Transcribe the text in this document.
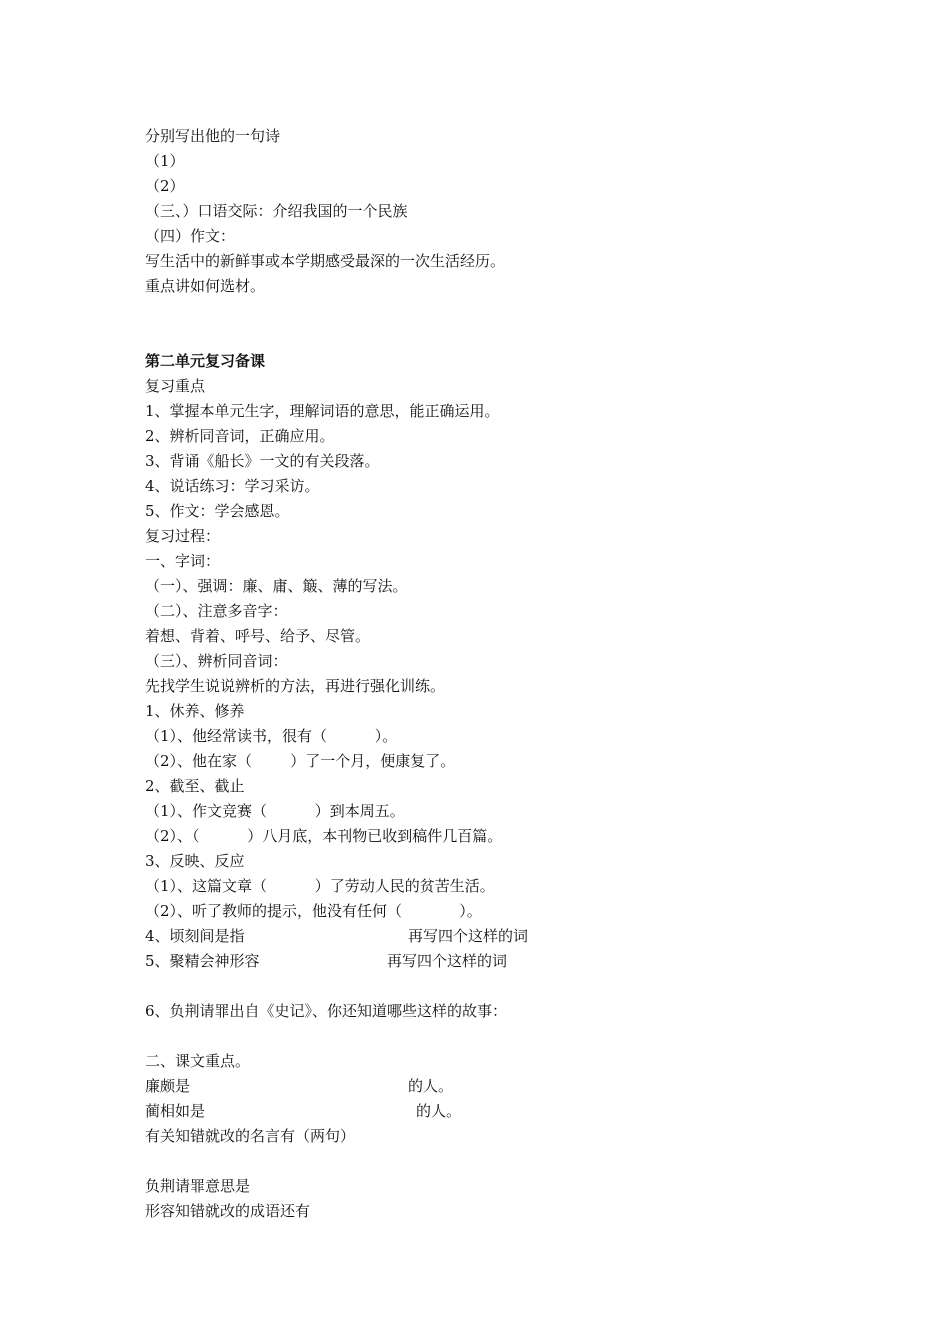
分别写出他的一句诗
（1）
（2）
（三、）口语交际：介绍我国的一个民族
（四）作文：
写生活中的新鲜事或本学期感受最深的一次生活经历。
重点讲如何选材。
第二单元复习备课
复习重点
1、掌握本单元生字，理解词语的意思，能正确运用。
2、辨析同音词，正确应用。
3、背诵《船长》一文的有关段落。
4、说话练习：学习采访。
5、作文：学会感恩。
复习过程：
一、字词：
（一）、强调：廉、庸、簸、薄的写法。
（二）、注意多音字：
着想、背着、呼号、给予、尽管。
（三）、辨析同音词：
先找学生说说辨析的方法，再进行强化训练。
1、休养、修养
（1）、他经常读书，很有（          ）。
（2）、他在家（        ）了一个月，便康复了。
2、截至、截止
（1）、作文竞赛（          ）到本周五。
（2）、（          ）八月底，本刊物已收到稿件几百篇。
3、反映、反应
（1）、这篇文章（          ）了劳动人民的贫苦生活。
（2）、听了教师的提示，他没有任何（            ）。

4、顷刻间是指

	再写四个这样的词

5、聚精会神形容

	再写四个这样的词

6、负荆请罪出自《史记》、你还知道哪些这样的故事：
二、课文重点。

廉颇是

	的人。

蔺相如是

	的人。

有关知错就改的名言有（两句）
负荆请罪意思是
形容知错就改的成语还有
